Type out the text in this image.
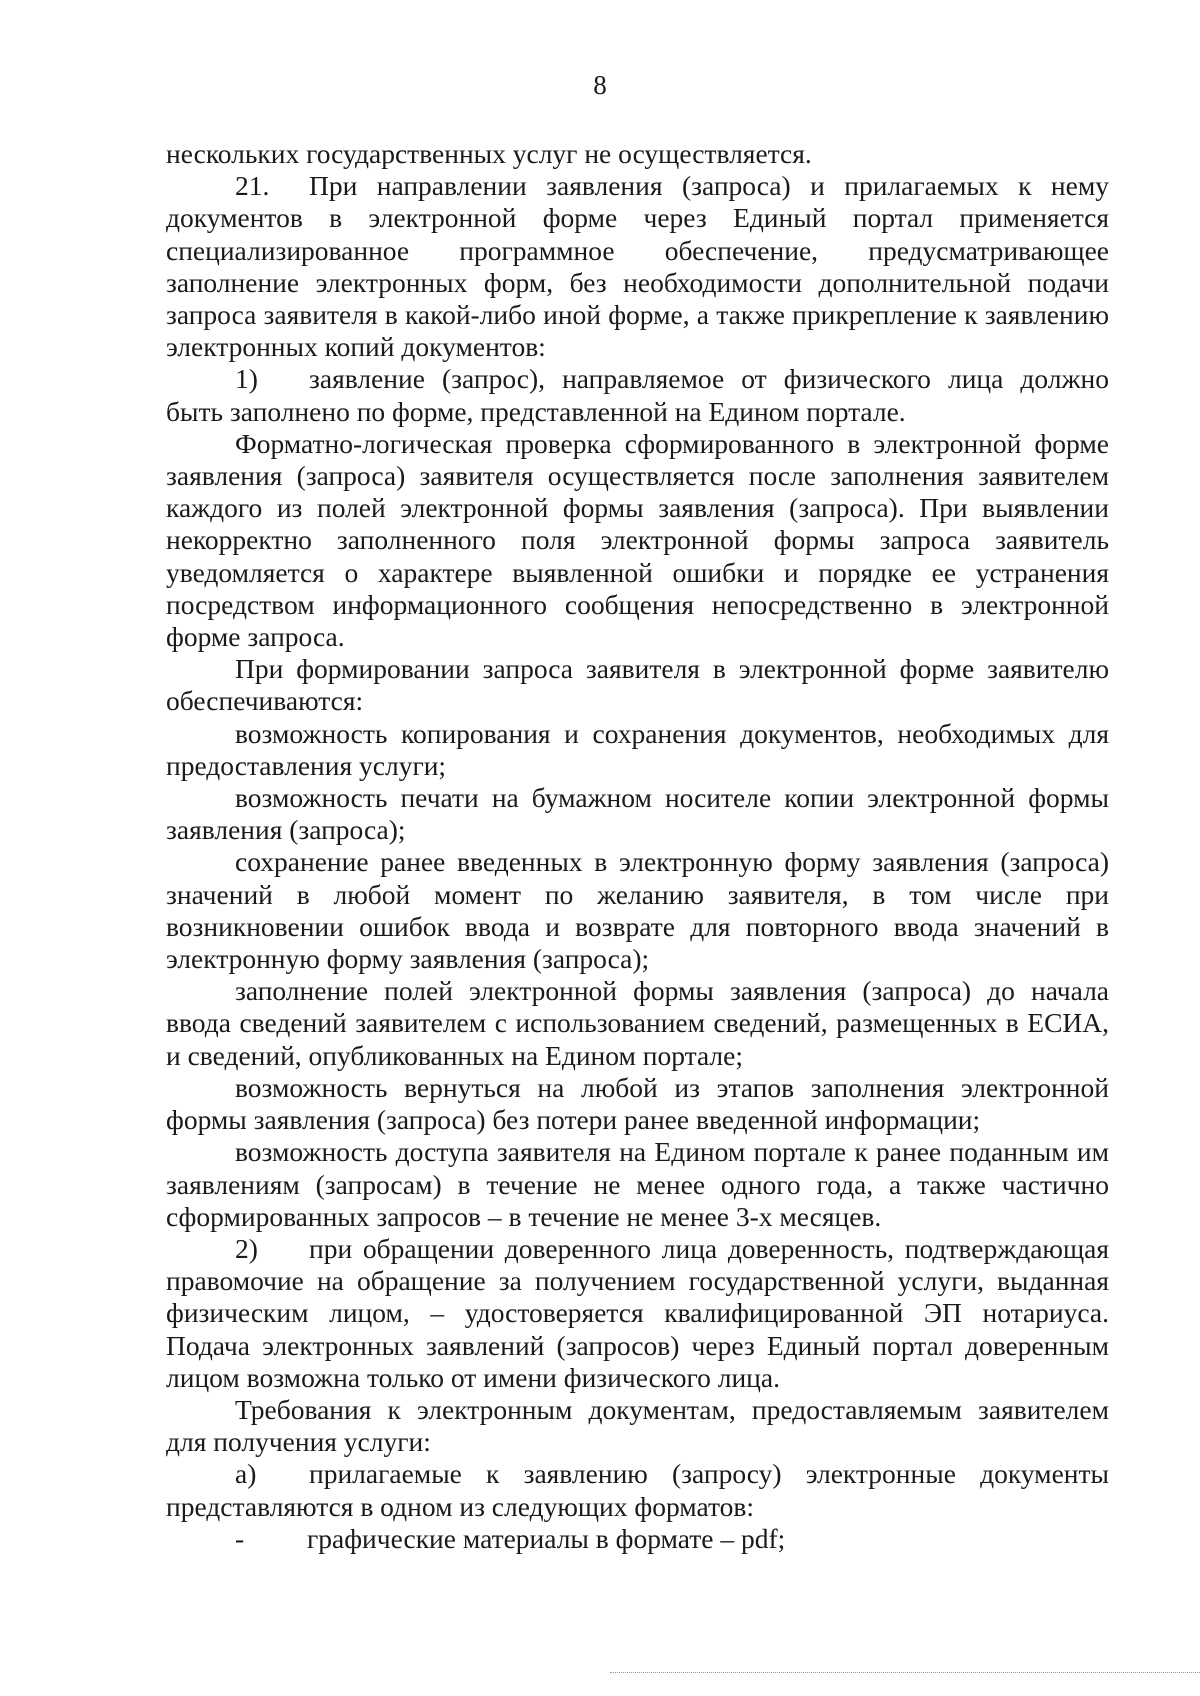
8

нескольких государственных услуг не осуществляется.

21. При направлении заявления (запроса) и прилагаемых к нему документов в электронной форме через Единый портал применяется специализированное программное обеспечение, предусматривающее заполнение электронных форм, без необходимости дополнительной подачи запроса заявителя в какой-либо иной форме, а также прикрепление к заявлению электронных копий документов:

1) заявление (запрос), направляемое от физического лица должно быть заполнено по форме, представленной на Едином портале.

Форматно-логическая проверка сформированного в электронной форме заявления (запроса) заявителя осуществляется после заполнения заявителем каждого из полей электронной формы заявления (запроса). При выявлении некорректно заполненного поля электронной формы запроса заявитель уведомляется о характере выявленной ошибки и порядке ее устранения посредством информационного сообщения непосредственно в электронной форме запроса.

При формировании запроса заявителя в электронной форме заявителю обеспечиваются:

возможность копирования и сохранения документов, необходимых для предоставления услуги;

возможность печати на бумажном носителе копии электронной формы заявления (запроса);

сохранение ранее введенных в электронную форму заявления (запроса) значений в любой момент по желанию заявителя, в том числе при возникновении ошибок ввода и возврате для повторного ввода значений в электронную форму заявления (запроса);

заполнение полей электронной формы заявления (запроса) до начала ввода сведений заявителем с использованием сведений, размещенных в ЕСИА, и сведений, опубликованных на Едином портале;

возможность вернуться на любой из этапов заполнения электронной формы заявления (запроса) без потери ранее введенной информации;

возможность доступа заявителя на Едином портале к ранее поданным им заявлениям (запросам) в течение не менее одного года, а также частично сформированных запросов – в течение не менее 3-х месяцев.

2) при обращении доверенного лица доверенность, подтверждающая правомочие на обращение за получением государственной услуги, выданная физическим лицом, – удостоверяется квалифицированной ЭП нотариуса. Подача электронных заявлений (запросов) через Единый портал доверенным лицом возможна только от имени физического лица.

Требования к электронным документам, предоставляемым заявителем для получения услуги:

а) прилагаемые к заявлению (запросу) электронные документы представляются в одном из следующих форматов:

- графические материалы в формате – pdf;
